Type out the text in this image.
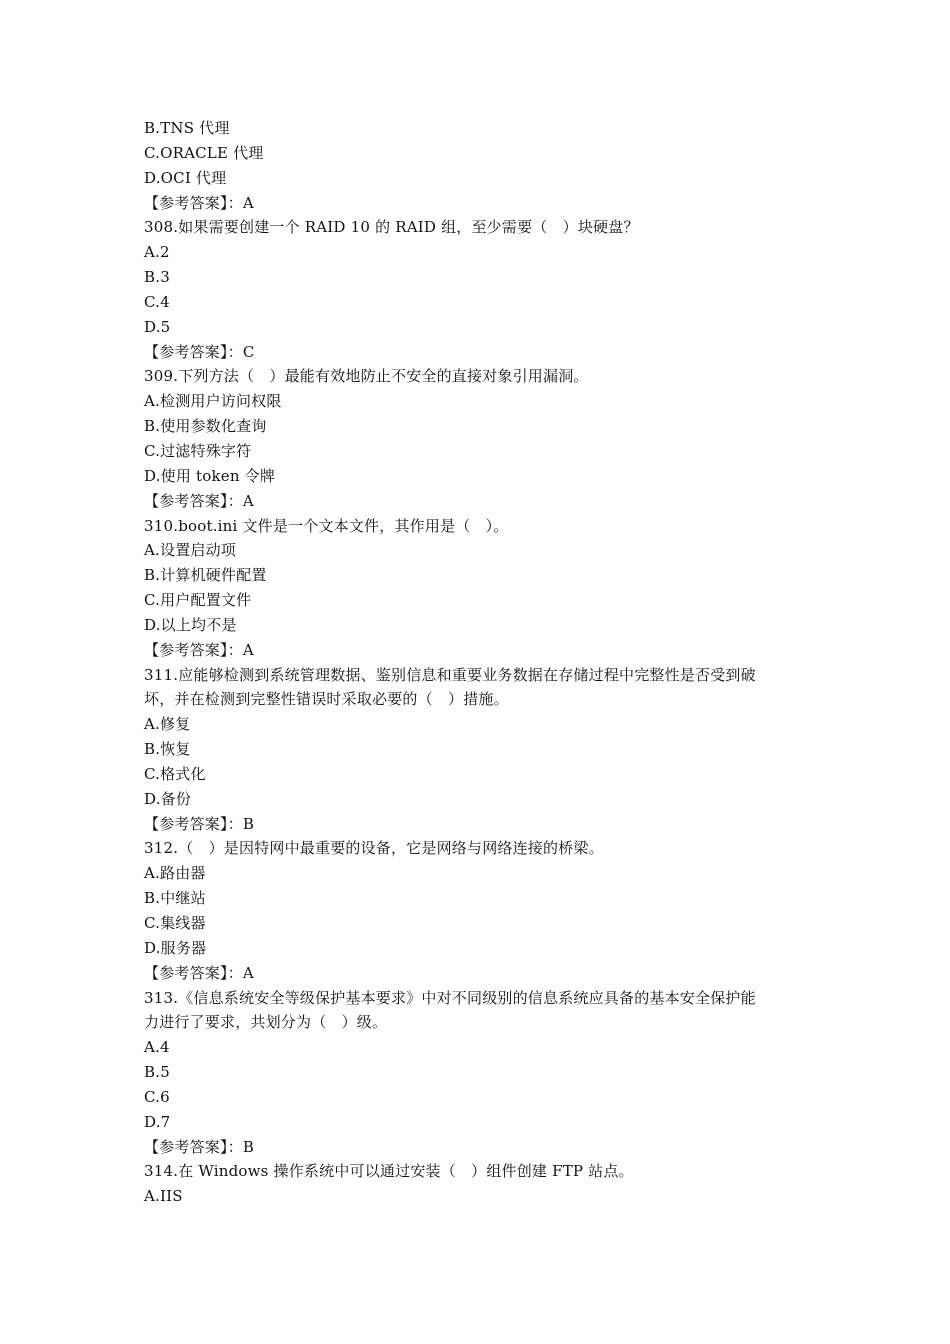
B.TNS 代理
C.ORACLE 代理
D.OCI 代理
【参考答案】：A
308.如果需要创建一个 RAID 10 的 RAID 组，至少需要（　）块硬盘？
A.2
B.3
C.4
D.5
【参考答案】：C
309.下列方法（　）最能有效地防止不安全的直接对象引用漏洞。
A.检测用户访问权限
B.使用参数化查询
C.过滤特殊字符
D.使用 token 令牌
【参考答案】：A
310.boot.ini 文件是一个文本文件，其作用是（　）。
A.设置启动项
B.计算机硬件配置
C.用户配置文件
D.以上均不是
【参考答案】：A
311.应能够检测到系统管理数据、鉴别信息和重要业务数据在存储过程中完整性是否受到破
坏，并在检测到完整性错误时采取必要的（　）措施。
A.修复
B.恢复
C.格式化
D.备份
【参考答案】：B
312.（　）是因特网中最重要的设备，它是网络与网络连接的桥梁。
A.路由器
B.中继站
C.集线器
D.服务器
【参考答案】：A
313.《信息系统安全等级保护基本要求》中对不同级别的信息系统应具备的基本安全保护能
力进行了要求，共划分为（　）级。
A.4
B.5
C.6
D.7
【参考答案】：B
314.在 Windows 操作系统中可以通过安装（　）组件创建 FTP 站点。
A.IIS
